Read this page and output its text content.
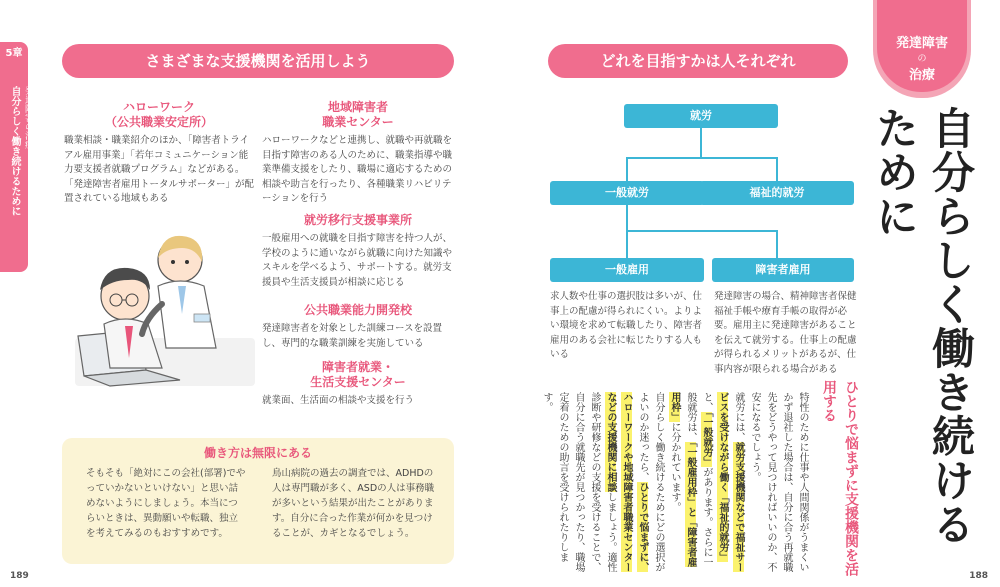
5章
発達障害の治療
自分らしく働き続けるために
さまざまな支援機関を活用しよう
ハローワーク
（公共職業安定所）
職業相談・職業紹介のほか、「障害者トライアル雇用事業」「若年コミュニケーション能力要支援者就職プログラム」などがある。「発達障害者雇用トータルサポーター」が配置されている地域もある
地域障害者
職業センター
ハローワークなどと連携し、就職や再就職を目指す障害のある人のために、職業指導や職業準備支援をしたり、職場に適応するための相談や助言を行ったり、各種職業リハビリテーションを行う
就労移行支援事業所
一般雇用への就職を目指す障害を持つ人が、学校のように通いながら就職に向けた知識やスキルを学べるよう、サポートする。就労支援員や生活支援員が相談に応じる
公共職業能力開発校
発達障害者を対象とした訓練コースを設置し、専門的な職業訓練を実施している
障害者就業・
生活支援センター
就業面、生活面の相談や支援を行う
働き方は無限にある
そもそも「絶対にこの会社(部署)でやっていかないといけない」と思い詰めないようにしましょう。本当につらいときは、異動願いや転職、独立を考えてみるのもおすすめです。
鳥山病院の過去の調査では、ADHDの人は専門職が多く、ASDの人は事務職が多いという結果が出たことがあります。自分に合った作業が何かを見つけることが、カギとなるでしょう。
189
どれを目指すかは人それぞれ
就労
一般就労	福祉的就労
一般雇用	障害者雇用
求人数や仕事の選択肢は多いが、仕事上の配慮が得られにくい。よりよい環境を求めて転職したり、障害者雇用のある会社に転じたりする人もいる
発達障害の場合、精神障害者保健福祉手帳や療育手帳の取得が必要。雇用主に発達障害があることを伝えて就労する。仕事上の配慮が得られるメリットがあるが、仕事内容が限られる場合がある
発達障害
の
治療
自分らしく働き続けるために
ひとりで悩まずに支援機関を活用する
特性のために仕事や人間関係がうまくいかず退社した場合は、自分に合う再就職先をどうやって見つければいいのか、不安になるでしょう。
就労には、就労支援機関などで福祉サービスを受けながら働く「福祉的就労」と、「一般就労」があります。さらに一般就労は、「一般雇用枠」と「障害者雇用枠」に分かれています。
自分らしく働き続けるためにどの選択がよいのか迷ったら、ひとりで悩まずに、ハローワークや地域障害者職業センターなどの支援機関に相談しましょう。適性診断や研修などの支援を受けることで、自分に合う就職先が見つかったり、職場定着のための助言を受けられたりします。
188
